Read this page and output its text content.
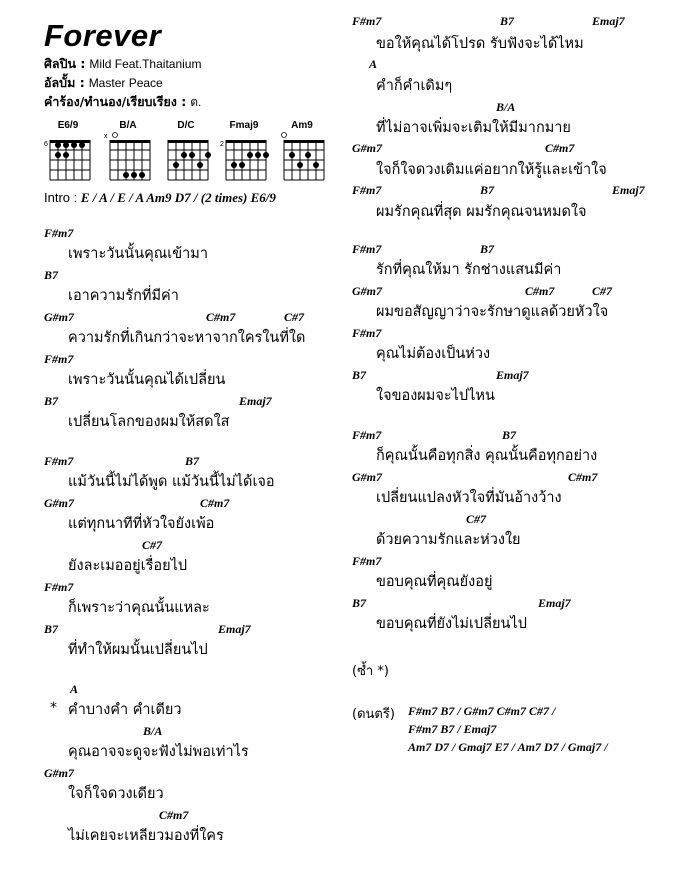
Forever
ศิลปิน : Mild Feat.Thaitanium
อัลบั้ม : Master Peace
คำร้อง/ทำนอง/เรียบเรียง : ต.
E6/9
6
B/A
x
D/C	Fmaj9
2
Am9
Intro : E / A / E / A Am9 D7 / (2 times) E6/9
F#m7
เพราะวันนั้นคุณเข้ามา
B7
เอาความรักที่มีค่า
G#m7	C#m7	C#7
ความรักที่เกินกว่าจะหาจากใครในที่ใด
F#m7
เพราะวันนั้นคุณได้เปลี่ยน
B7	Emaj7
เปลี่ยนโลกของผมให้สดใส
F#m7	B7
แม้วันนี้ไม่ได้พูด แม้วันนี้ไม่ได้เจอ
G#m7	C#m7
แต่ทุกนาทีที่หัวใจยังเพ้อ
C#7
ยังละเมออยู่เรื่อยไป
F#m7
ก็เพราะว่าคุณนั้นแหละ
B7	Emaj7
ที่ทำให้ผมนั้นเปลี่ยนไป
A
* คำบางคำ คำเดียว
B/A
คุณอาจจะดูจะฟังไม่พอเท่าไร
G#m7
ใจก็ใจดวงเดียว
C#m7
ไม่เคยจะเหลียวมองที่ใคร
F#m7	B7	Emaj7
ขอให้คุณได้โปรด รับฟังจะได้ไหม
A
คำก็คำเดิมๆ
B/A
ที่ไม่อาจเพิ่มจะเติมให้มีมากมาย
G#m7	C#m7
ใจก็ใจดวงเดิมแค่อยากให้รู้และเข้าใจ
F#m7	B7	Emaj7
ผมรักคุณที่สุด ผมรักคุณจนหมดใจ
F#m7	B7
รักที่คุณให้มา รักช่างแสนมีค่า
G#m7	C#m7	C#7
ผมขอสัญญาว่าจะรักษาดูแลด้วยหัวใจ
F#m7
คุณไม่ต้องเป็นห่วง
B7	Emaj7
ใจของผมจะไปไหน
F#m7	B7
ก็คุณนั้นคือทุกสิ่ง คุณนั้นคือทุกอย่าง
G#m7	C#m7
เปลี่ยนแปลงหัวใจที่มันอ้างว้าง
C#7
ด้วยความรักและห่วงใย
F#m7
ขอบคุณที่คุณยังอยู่
B7	Emaj7
ขอบคุณที่ยังไม่เปลี่ยนไป
(ซ้ำ *)
(ดนตรี) F#m7 B7 / G#m7 C#m7 C#7 /
F#m7 B7 / Emaj7
Am7 D7 / Gmaj7 E7 / Am7 D7 / Gmaj7 /
